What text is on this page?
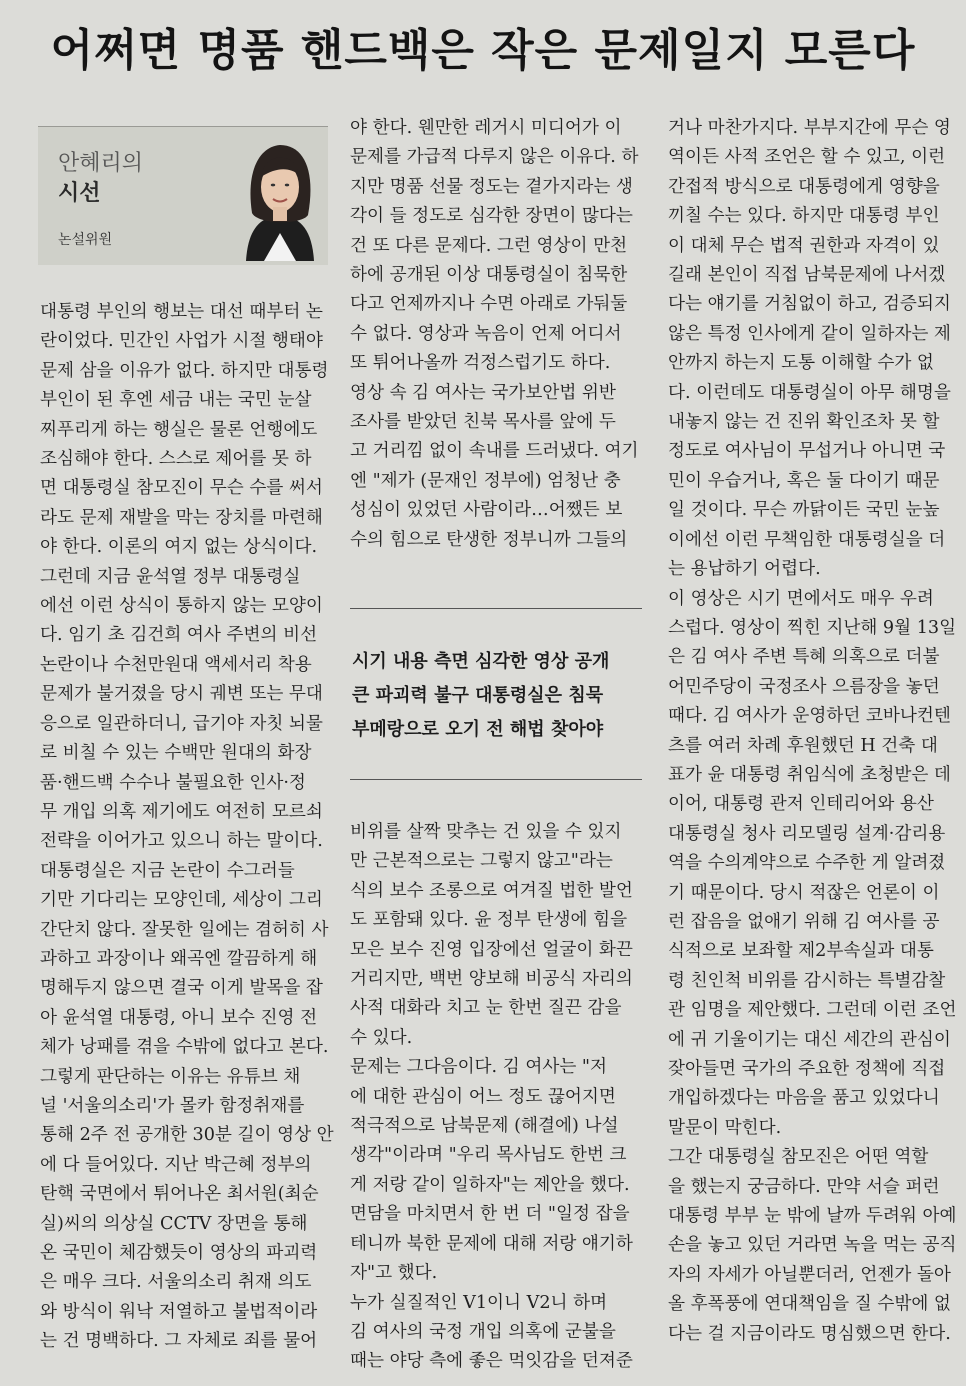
어쩌면 명품 핸드백은 작은 문제일지 모른다
안혜리의
시선
논설위원

대통령 부인의 행보는 대선 때부터 논

란이었다. 민간인 사업가 시절 행태야

문제 삼을 이유가 없다. 하지만 대통령

부인이 된 후엔 세금 내는 국민 눈살

찌푸리게 하는 행실은 물론 언행에도

조심해야 한다. 스스로 제어를 못 하

면 대통령실 참모진이 무슨 수를 써서

라도 문제 재발을 막는 장치를 마련해

야 한다. 이론의 여지 없는 상식이다.

그런데 지금 윤석열 정부 대통령실

에선 이런 상식이 통하지 않는 모양이

다. 임기 초 김건희 여사 주변의 비선

논란이나 수천만원대 액세서리 착용

문제가 불거졌을 당시 궤변 또는 무대

응으로 일관하더니, 급기야 자칫 뇌물

로 비칠 수 있는 수백만 원대의 화장

품·핸드백 수수나 불필요한 인사·정

무 개입 의혹 제기에도 여전히 모르쇠

전략을 이어가고 있으니 하는 말이다.

대통령실은 지금 논란이 수그러들

기만 기다리는 모양인데, 세상이 그리

간단치 않다. 잘못한 일에는 겸허히 사

과하고 과장이나 왜곡엔 깔끔하게 해

명해두지 않으면 결국 이게 발목을 잡

아 윤석열 대통령, 아니 보수 진영 전

체가 낭패를 겪을 수밖에 없다고 본다.

그렇게 판단하는 이유는 유튜브 채

널 '서울의소리'가 몰카 함정취재를

통해 2주 전 공개한 30분 길이 영상 안

에 다 들어있다. 지난 박근혜 정부의

탄핵 국면에서 튀어나온 최서원(최순

실)씨의 의상실 CCTV 장면을 통해

온 국민이 체감했듯이 영상의 파괴력

은 매우 크다. 서울의소리 취재 의도

와 방식이 워낙 저열하고 불법적이라

는 건 명백하다. 그 자체로 죄를 물어

야 한다. 웬만한 레거시 미디어가 이

문제를 가급적 다루지 않은 이유다. 하

지만 명품 선물 정도는 곁가지라는 생

각이 들 정도로 심각한 장면이 많다는

건 또 다른 문제다. 그런 영상이 만천

하에 공개된 이상 대통령실이 침묵한

다고 언제까지나 수면 아래로 가둬둘

수 없다. 영상과 녹음이 언제 어디서

또 튀어나올까 걱정스럽기도 하다.

영상 속 김 여사는 국가보안법 위반

조사를 받았던 친북 목사를 앞에 두

고 거리낌 없이 속내를 드러냈다. 여기

엔 "제가 (문재인 정부에) 엄청난 충

성심이 있었던 사람이라…어쨌든 보

수의 힘으로 탄생한 정부니까 그들의

시기 내용 측면 심각한 영상 공개

큰 파괴력 불구 대통령실은 침묵

부메랑으로 오기 전 해법 찾아야

비위를 살짝 맞추는 건 있을 수 있지

만 근본적으로는 그렇지 않고"라는

식의 보수 조롱으로 여겨질 법한 발언

도 포함돼 있다. 윤 정부 탄생에 힘을

모은 보수 진영 입장에선 얼굴이 화끈

거리지만, 백번 양보해 비공식 자리의

사적 대화라 치고 눈 한번 질끈 감을

수 있다.

문제는 그다음이다. 김 여사는 "저

에 대한 관심이 어느 정도 끊어지면

적극적으로 남북문제 (해결에) 나설

생각"이라며 "우리 목사님도 한번 크

게 저랑 같이 일하자"는 제안을 했다.

면담을 마치면서 한 번 더 "일정 잡을

테니까 북한 문제에 대해 저랑 얘기하

자"고 했다.

누가 실질적인 V1이니 V2니 하며

김 여사의 국정 개입 의혹에 군불을

때는 야당 측에 좋은 먹잇감을 던져준

거나 마찬가지다. 부부지간에 무슨 영

역이든 사적 조언은 할 수 있고, 이런

간접적 방식으로 대통령에게 영향을

끼칠 수는 있다. 하지만 대통령 부인

이 대체 무슨 법적 권한과 자격이 있

길래 본인이 직접 남북문제에 나서겠

다는 얘기를 거침없이 하고, 검증되지

않은 특정 인사에게 같이 일하자는 제

안까지 하는지 도통 이해할 수가 없

다. 이런데도 대통령실이 아무 해명을

내놓지 않는 건 진위 확인조차 못 할

정도로 여사님이 무섭거나 아니면 국

민이 우습거나, 혹은 둘 다이기 때문

일 것이다. 무슨 까닭이든 국민 눈높

이에선 이런 무책임한 대통령실을 더

는 용납하기 어렵다.

이 영상은 시기 면에서도 매우 우려

스럽다. 영상이 찍힌 지난해 9월 13일

은 김 여사 주변 특혜 의혹으로 더불

어민주당이 국정조사 으름장을 놓던

때다. 김 여사가 운영하던 코바나컨텐

츠를 여러 차례 후원했던 H 건축 대

표가 윤 대통령 취임식에 초청받은 데

이어, 대통령 관저 인테리어와 용산

대통령실 청사 리모델링 설계·감리용

역을 수의계약으로 수주한 게 알려졌

기 때문이다. 당시 적잖은 언론이 이

런 잡음을 없애기 위해 김 여사를 공

식적으로 보좌할 제2부속실과 대통

령 친인척 비위를 감시하는 특별감찰

관 임명을 제안했다. 그런데 이런 조언

에 귀 기울이기는 대신 세간의 관심이

잦아들면 국가의 주요한 정책에 직접

개입하겠다는 마음을 품고 있었다니

말문이 막힌다.

그간 대통령실 참모진은 어떤 역할

을 했는지 궁금하다. 만약 서슬 퍼런

대통령 부부 눈 밖에 날까 두려워 아예

손을 놓고 있던 거라면 녹을 먹는 공직

자의 자세가 아닐뿐더러, 언젠가 돌아

올 후폭풍에 연대책임을 질 수밖에 없

다는 걸 지금이라도 명심했으면 한다.
